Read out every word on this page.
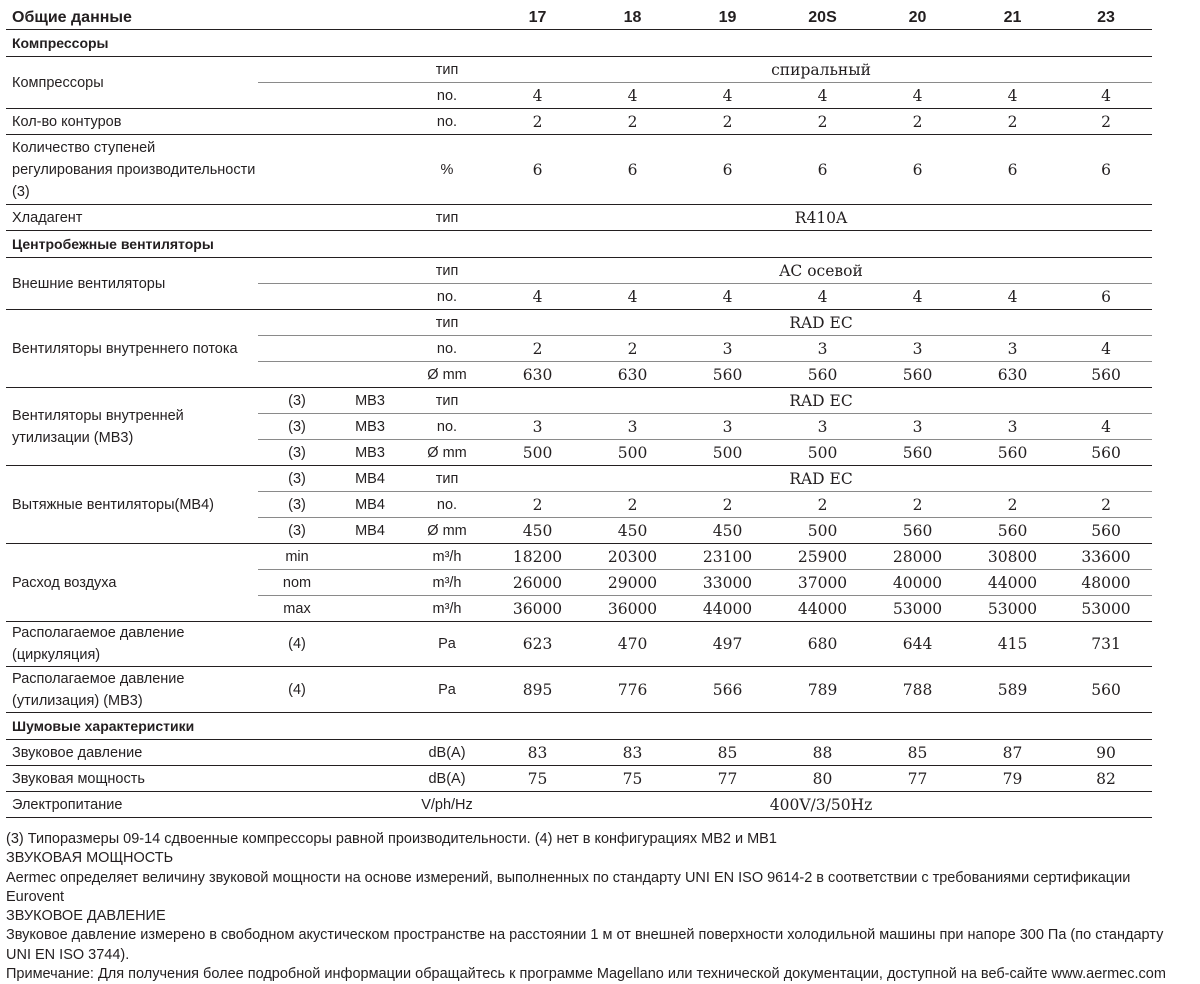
Общие данные				17	18	19	20S	20	21	23
Компрессоры										
Компрессоры			тип	спиральный						
			no.	4	4	4	4	4	4	4
Кол-во контуров			no.	2	2	2	2	2	2	2
Количество ступеней регулирования производительности (3)			%	6	6	6	6	6	6	6
Хладагент			тип	R410A						
Центробежные вентиляторы										
Внешние вентиляторы			тип	AC осевой						
			no.	4	4	4	4	4	4	6
Вентиляторы внутреннего потока			тип	RAD EC						
			no.	2	2	3	3	3	3	4
			Ø mm	630	630	560	560	560	630	560
Вентиляторы внутренней утилизации (MB3)	(3)	MB3	тип	RAD EC						
	(3)	MB3	no.	3	3	3	3	3	3	4
	(3)	MB3	Ø mm	500	500	500	500	560	560	560
Вытяжные вентиляторы(MB4)	(3)	MB4	тип	RAD EC						
	(3)	MB4	no.	2	2	2	2	2	2	2
	(3)	MB4	Ø mm	450	450	450	500	560	560	560
Расход воздуха	min		m³/h	18200	20300	23100	25900	28000	30800	33600
	nom		m³/h	26000	29000	33000	37000	40000	44000	48000
	max		m³/h	36000	36000	44000	44000	53000	53000	53000
Располагаемое давление (циркуляция)	(4)		Pa	623	470	497	680	644	415	731
Располагаемое давление (утилизация) (MB3)	(4)		Pa	895	776	566	789	788	589	560
Шумовые характеристики										
Звуковое давление			dB(A)	83	83	85	88	85	87	90
Звуковая мощность			dB(A)	75	75	77	80	77	79	82
Электропитание			V/ph/Hz	400V/3/50Hz						
(3) Типоразмеры 09-14 сдвоенные компрессоры равной производительности. (4) нет в конфигурациях MB2 и MB1
ЗВУКОВАЯ МОЩНОСТЬ
Aermec определяет величину звуковой мощности на основе измерений, выполненных по стандарту UNI EN ISO 9614-2 в соответствии с требованиями сертификации Eurovent
ЗВУКОВОЕ ДАВЛЕНИЕ
Звуковое давление измерено в свободном акустическом пространстве на расстоянии 1 м от внешней поверхности холодильной машины при напоре 300 Па (по стандарту UNI EN ISO 3744).
Примечание: Для получения более подробной информации обращайтесь к программе Magellano или технической документации, доступной на веб-сайте www.aermec.com
